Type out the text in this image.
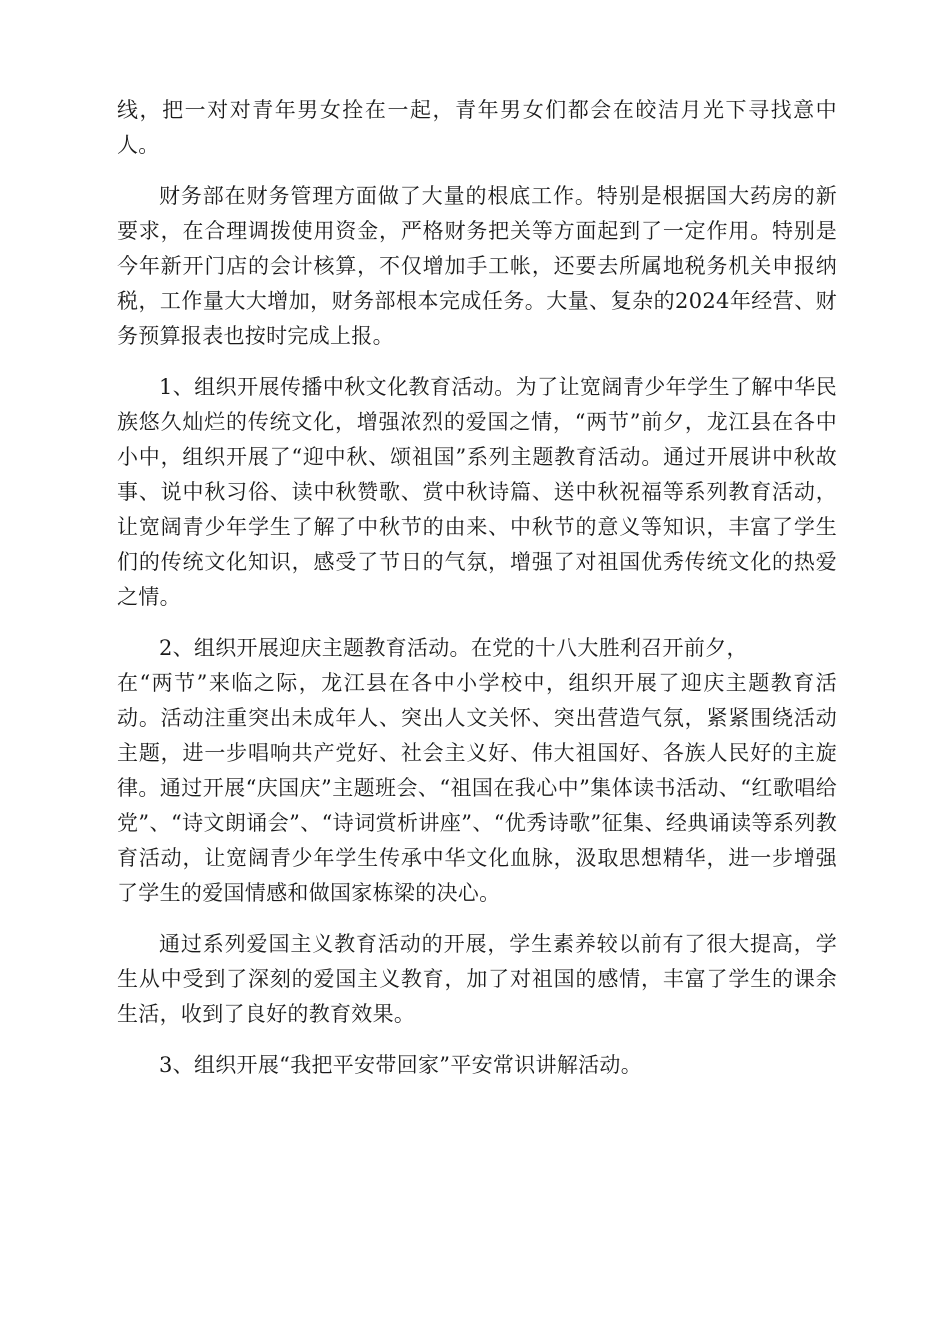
线，把一对对青年男女拴在一起，青年男女们都会在皎洁月光下寻找意中人。

财务部在财务管理方面做了大量的根底工作。特别是根据国大药房的新要求，在合理调拨使用资金，严格财务把关等方面起到了一定作用。特别是今年新开门店的会计核算，不仅增加手工帐，还要去所属地税务机关申报纳税，工作量大大增加，财务部根本完成任务。大量、复杂的2024年经营、财务预算报表也按时完成上报。

1、组织开展传播中秋文化教育活动。为了让宽阔青少年学生了解中华民族悠久灿烂的传统文化，增强浓烈的爱国之情，“两节”前夕，龙江县在各中小中，组织开展了“迎中秋、颂祖国”系列主题教育活动。通过开展讲中秋故事、说中秋习俗、读中秋赞歌、赏中秋诗篇、送中秋祝福等系列教育活动，让宽阔青少年学生了解了中秋节的由来、中秋节的意义等知识，丰富了学生们的传统文化知识，感受了节日的气氛，增强了对祖国优秀传统文化的热爱之情。

2、组织开展迎庆主题教育活动。在党的十八大胜利召开前夕，
在“两节”来临之际，龙江县在各中小学校中，组织开展了迎庆主题教育活动。活动注重突出未成年人、突出人文关怀、突出营造气氛，紧紧围绕活动主题，进一步唱响共产党好、社会主义好、伟大祖国好、各族人民好的主旋律。通过开展“庆国庆”主题班会、“祖国在我心中”集体读书活动、“红歌唱给党”、“诗文朗诵会”、“诗词赏析讲座”、“优秀诗歌”征集、经典诵读等系列教育活动，让宽阔青少年学生传承中华文化血脉，汲取思想精华，进一步增强了学生的爱国情感和做国家栋梁的决心。

通过系列爱国主义教育活动的开展，学生素养较以前有了很大提高，学生从中受到了深刻的爱国主义教育，加了对祖国的感情，丰富了学生的课余生活，收到了良好的教育效果。

3、组织开展“我把平安带回家”平安常识讲解活动。
